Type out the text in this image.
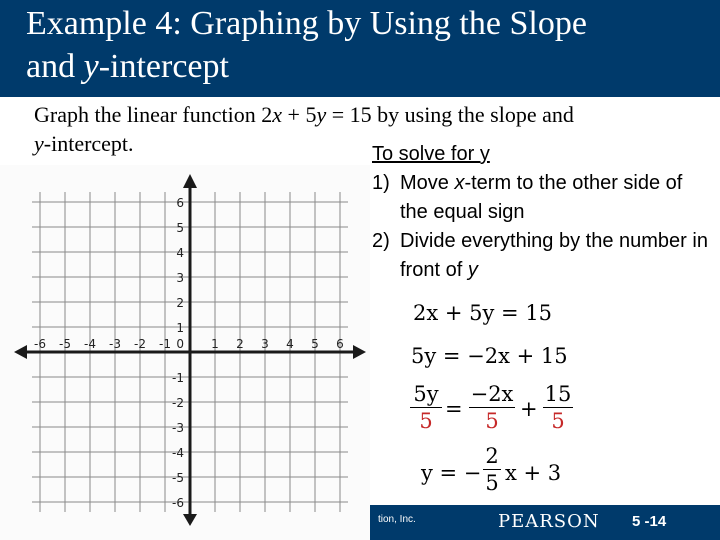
Example 4: Graphing by Using the Slope
and y-intercept
Graph the linear function 2x + 5y = 15 by using the slope and
y-intercept.	To solve for y
1) Move x-term to the other side of the equal sign
2) Divide everything by the number in front of y
-6 -5 -4 -3 -2 -1	1 2 3 4 5 6
6
5
4
3
2
1
0
-1
-2
-3
-4
-5
-6
2x + 5y = 15
5y = −2x + 15
5y
5 =
−2x
5	+
15
5
y = −
2
5 x + 3
tion, Inc.	PEARSON 5 -14
